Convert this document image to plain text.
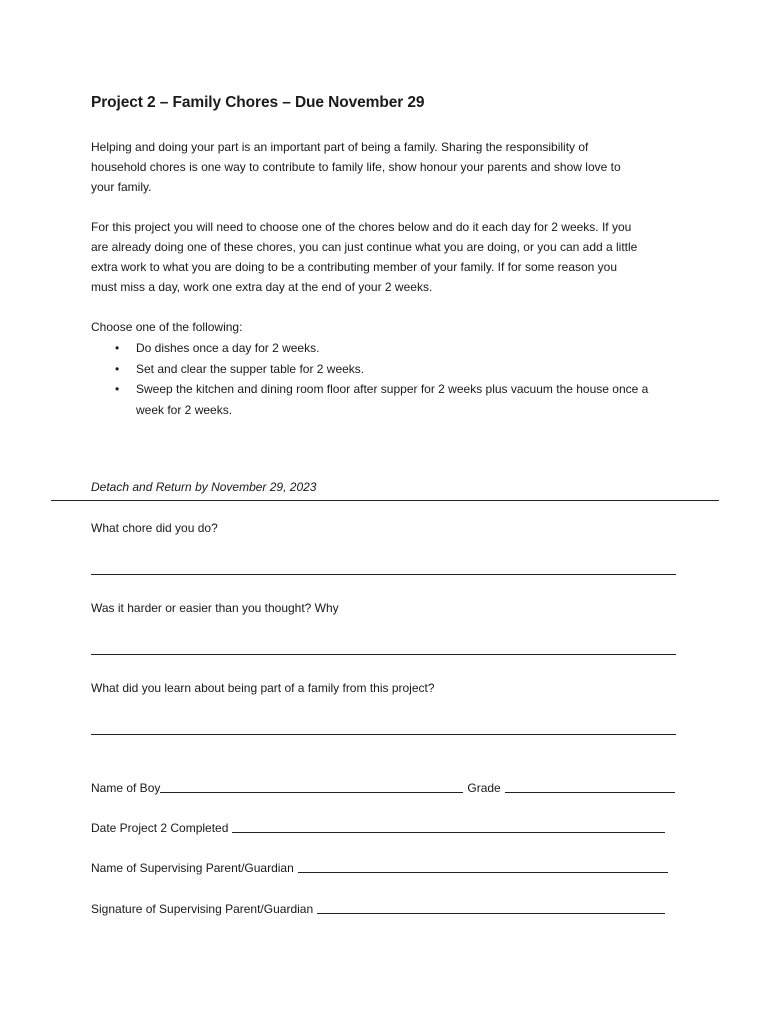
Project 2 – Family Chores – Due November 29

Helping and doing your part is an important part of being a family. Sharing the responsibility of

household chores is one way to contribute to family life, show honour your parents and show love to

your family.

For this project you will need to choose one of the chores below and do it each day for 2 weeks. If you

are already doing one of these chores, you can just continue what you are doing, or you can add a little

extra work to what you are doing to be a contributing member of your family. If for some reason you

must miss a day, work one extra day at the end of your 2 weeks.

Choose one of the following:
• Do dishes once a day for 2 weeks.
• Set and clear the supper table for 2 weeks.
• Sweep the kitchen and dining room floor after supper for 2 weeks plus vacuum the house once a
week for 2 weeks.
Detach and Return by November 29, 2023
What chore did you do?
Was it harder or easier than you thought? Why
What did you learn about being part of a family from this project?
Name of Boy	Grade
Date Project 2 Completed
Name of Supervising Parent/Guardian
Signature of Supervising Parent/Guardian
